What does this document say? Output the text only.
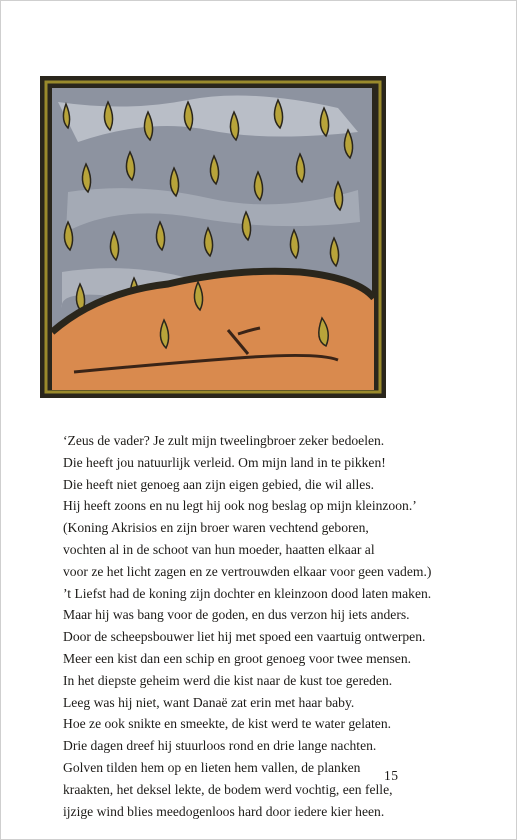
‘Zeus de vader? Je zult mijn tweelingbroer zeker bedoelen.
Die heeft jou natuurlijk verleid. Om mijn land in te pikken!
Die heeft niet genoeg aan zijn eigen gebied, die wil alles.
Hij heeft zoons en nu legt hij ook nog beslag op mijn kleinzoon.’
(Koning Akrisios en zijn broer waren vechtend geboren,
vochten al in de schoot van hun moeder, haatten elkaar al
voor ze het licht zagen en ze vertrouwden elkaar voor geen vadem.)
’t Liefst had de koning zijn dochter en kleinzoon dood laten maken.
Maar hij was bang voor de goden, en dus verzon hij iets anders.
Door de scheepsbouwer liet hij met spoed een vaartuig ontwerpen.
Meer een kist dan een schip en groot genoeg voor twee mensen.
In het diepste geheim werd die kist naar de kust toe gereden.
Leeg was hij niet, want Danaë zat erin met haar baby.
Hoe ze ook snikte en smeekte, de kist werd te water gelaten.
Drie dagen dreef hij stuurloos rond en drie lange nachten.
Golven tilden hem op en lieten hem vallen, de planken
kraakten, het deksel lekte, de bodem werd vochtig, een felle,
ijzige wind blies meedogenloos hard door iedere kier heen.
15
